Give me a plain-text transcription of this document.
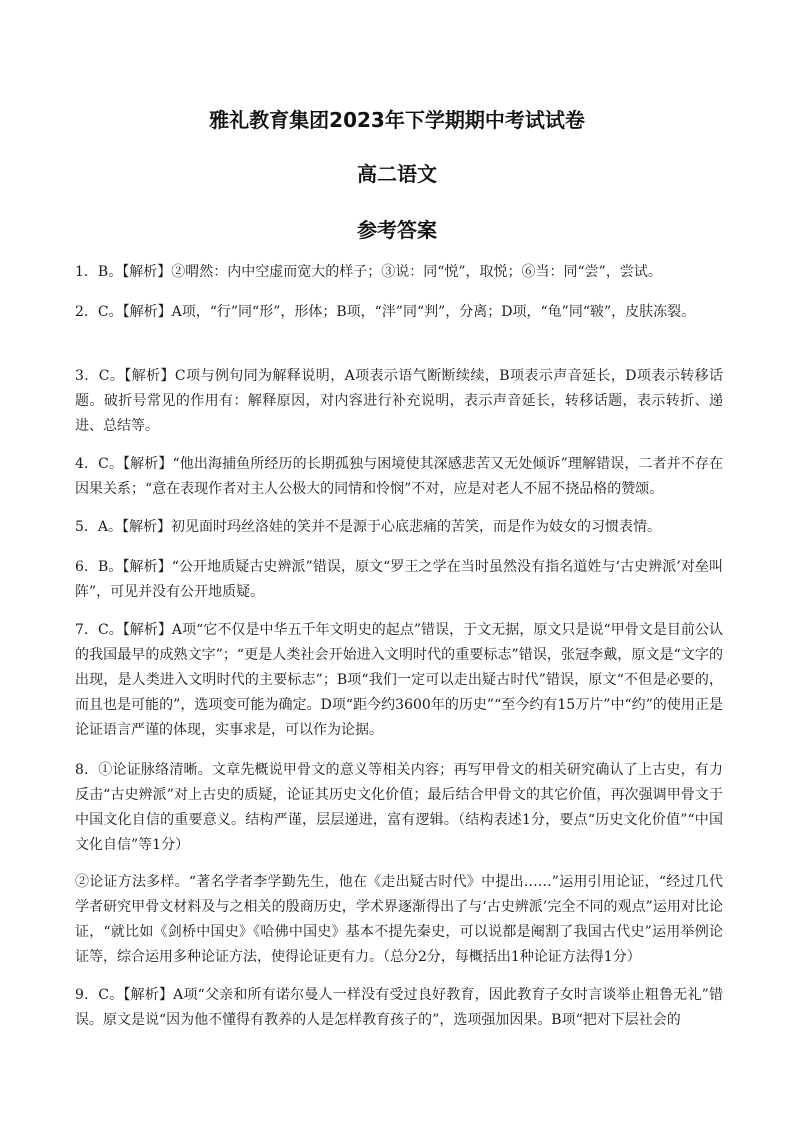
雅礼教育集团2023年下学期期中考试试卷
高二语文
参考答案

1．B。【解析】②喟然：内中空虚而宽大的样子；③说：同“悦”，取悦；⑥当：同“尝”，尝试。

2．C。【解析】A项，“行”同“形”，形体；B项，“泮”同“判”，分离；D项，“龟”同“皲”，皮肤冻裂。

3．C。【解析】C项与例句同为解释说明，A项表示语气断断续续，B项表示声音延长，D项表示转移话题。破折号常见的作用有：解释原因，对内容进行补充说明，表示声音延长，转移话题，表示转折、递进、总结等。

4．C。【解析】“他出海捕鱼所经历的长期孤独与困境使其深感悲苦又无处倾诉”理解错误，二者并不存在因果关系；“意在表现作者对主人公极大的同情和怜悯”不对，应是对老人不屈不挠品格的赞颂。

5．A。【解析】初见面时玛丝洛娃的笑并不是源于心底悲痛的苦笑，而是作为妓女的习惯表情。

6．B。【解析】“公开地质疑古史辨派”错误，原文“罗王之学在当时虽然没有指名道姓与‘古史辨派’对垒叫阵”，可见并没有公开地质疑。

7．C。【解析】A项“它不仅是中华五千年文明史的起点”错误，于文无据，原文只是说“甲骨文是目前公认的我国最早的成熟文字”；“更是人类社会开始进入文明时代的重要标志”错误，张冠李戴，原文是“文字的出现，是人类进入文明时代的主要标志”；B项“我们一定可以走出疑古时代”错误，原文“不但是必要的，而且也是可能的”，选项变可能为确定。D项“距今约3600年的历史”“至今约有15万片”中“约”的使用正是论证语言严谨的体现，实事求是，可以作为论据。

8．①论证脉络清晰。文章先概说甲骨文的意义等相关内容；再写甲骨文的相关研究确认了上古史，有力反击“古史辨派”对上古史的质疑，论证其历史文化价值；最后结合甲骨文的其它价值，再次强调甲骨文于中国文化自信的重要意义。结构严谨，层层递进，富有逻辑。（结构表述1分，要点“历史文化价值”“中国文化自信”等1分）

②论证方法多样。“著名学者李学勤先生，他在《走出疑古时代》中提出……”运用引用论证，“经过几代学者研究甲骨文材料及与之相关的殷商历史，学术界逐渐得出了与‘古史辨派’完全不同的观点”运用对比论证，“就比如《剑桥中国史》《哈佛中国史》基本不提先秦史，可以说都是阉割了我国古代史”运用举例论证等，综合运用多种论证方法，使得论证更有力。（总分2分，每概括出1种论证方法得1分）

9．C。【解析】A项“父亲和所有诺尔曼人一样没有受过良好教育，因此教育子女时言谈举止粗鲁无礼”错误。原文是说“因为他不懂得有教养的人是怎样教育孩子的”，选项强加因果。B项“把对下层社会的
